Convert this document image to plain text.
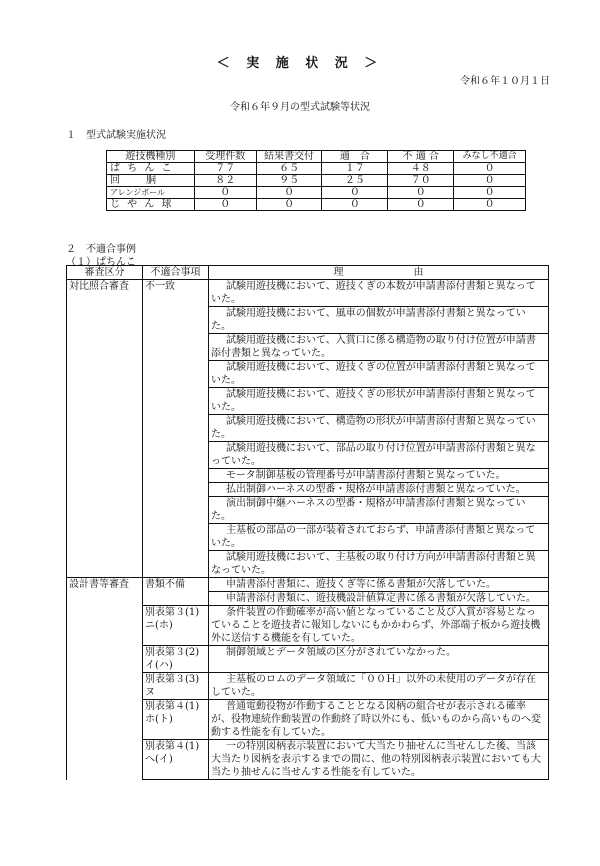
＜ 実 施 状 況 ＞
令和６年１０月１日
令和６年９月の型式試験等状況
１　型式試験実施状況
遊技機種別	受理件数	結果書交付	適　合	不 適 合	みなし不適合
ぱ ち ん こ	７７	６５	１７	４８	０
回　　胴	８２	９５	２５	７０	０
アレンジボール	０	０	０	０	０
じ や ん 球	０	０	０	０	０
２　不適合事例
（１）ぱちんこ
審査区分	不適合事項	理　　　　　　　由
対比照合審査	不一致	試験用遊技機において、遊技くぎの本数が申請書添付書類と異なっていた。
		試験用遊技機において、風車の個数が申請書添付書類と異なっていた。
		試験用遊技機において、入賞口に係る構造物の取り付け位置が申請書添付書類と異なっていた。
		試験用遊技機において、遊技くぎの位置が申請書添付書類と異なっていた。
		試験用遊技機において、遊技くぎの形状が申請書添付書類と異なっていた。
		試験用遊技機において、構造物の形状が申請書添付書類と異なっていた。
		試験用遊技機において、部品の取り付け位置が申請書添付書類と異なっていた。
		モータ制御基板の管理番号が申請書添付書類と異なっていた。
		払出制御ハーネスの型番・規格が申請書添付書類と異なっていた。
		演出制御中継ハーネスの型番・規格が申請書添付書類と異なっていた。
		主基板の部品の一部が装着されておらず、申請書添付書類と異なっていた。
		試験用遊技機において、主基板の取り付け方向が申請書添付書類と異なっていた。
設計書等審査	書類不備	申請書添付書類に、遊技くぎ等に係る書類が欠落していた。
		申請書添付書類に、遊技機設計値算定書に係る書類が欠落していた。
	別表第３(1)ニ(ホ)	条件装置の作動確率が高い値となっていること及び入賞が容易となっていることを遊技者に報知しないにもかかわらず、外部端子板から遊技機外に送信する機能を有していた。
	別表第３(2)イ(ハ)	制御領域とデータ領域の区分がされていなかった。
	別表第３(3)ヌ	主基板のロムのデータ領域に「００Ｈ」以外の未使用のデータが存在していた。
	別表第４(1)ホ(ト)	普通電動役物が作動することとなる図柄の組合せが表示される確率が、役物連続作動装置の作動終了時以外にも、低いものから高いものへ変動する性能を有していた。
	別表第４(1)へ(イ)	一の特別図柄表示装置において大当たり抽せんに当せんした後、当該大当たり図柄を表示するまでの間に、他の特別図柄表示装置においても大当たり抽せんに当せんする性能を有していた。
